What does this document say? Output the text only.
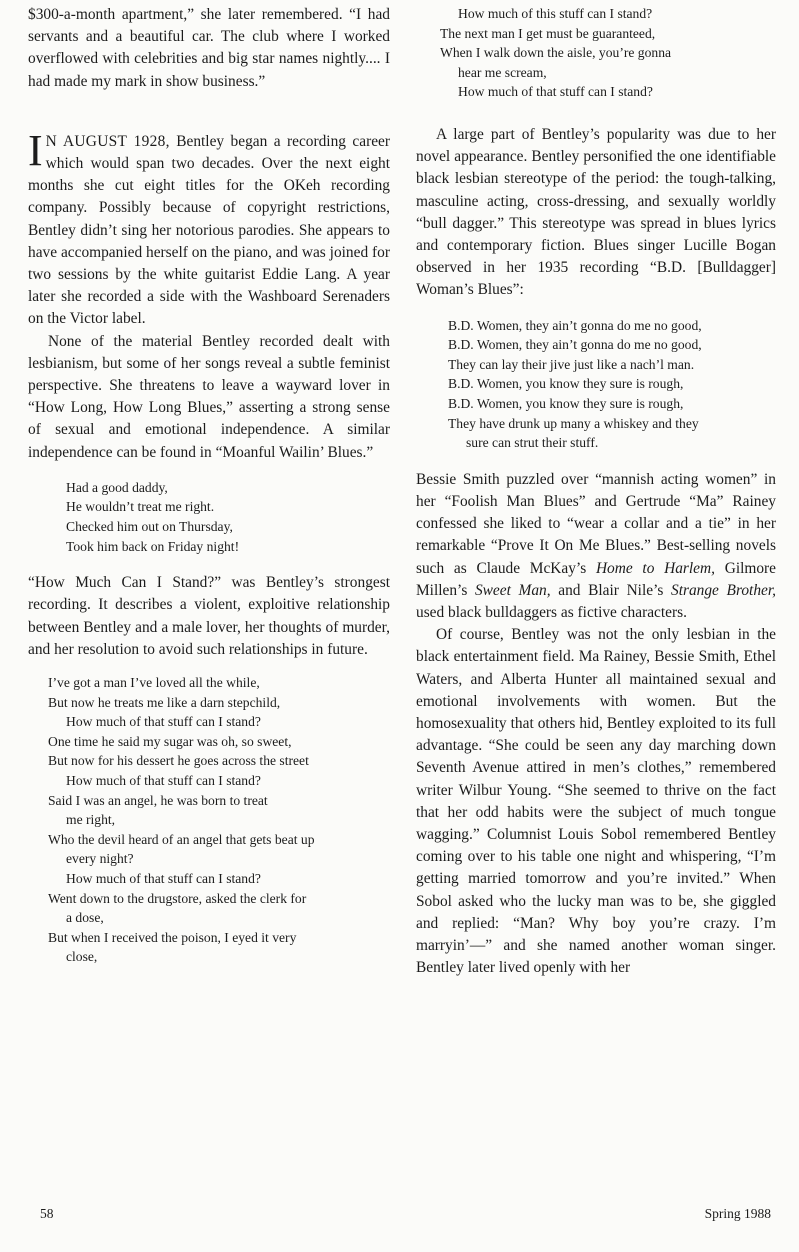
$300-a-month apartment,” she later remembered. “I had servants and a beautiful car. The club where I worked overflowed with celebrities and big star names nightly.... I had made my mark in show business.”

I N AUGUST 1928, Bentley began a recording career which would span two decades. Over the next eight months she cut eight titles for the OKeh recording company. Possibly because of copyright restrictions, Bentley didn’t sing her notorious parodies. She appears to have accompanied herself on the piano, and was joined for two sessions by the white guitarist Eddie Lang. A year later she recorded a side with the Washboard Serenaders on the Victor label.

None of the material Bentley recorded dealt with lesbianism, but some of her songs reveal a subtle feminist perspective. She threatens to leave a wayward lover in “How Long, How Long Blues,” asserting a strong sense of sexual and emotional independence. A similar independence can be found in “Moanful Wailin’ Blues.”

Had a good daddy,
He wouldn’t treat me right.
Checked him out on Thursday,
Took him back on Friday night!

“How Much Can I Stand?” was Bentley’s strongest recording. It describes a violent, exploitive relationship between Bentley and a male lover, her thoughts of murder, and her resolution to avoid such relationships in future.

I’ve got a man I’ve loved all the while,
But now he treats me like a darn stepchild,
How much of that stuff can I stand?
One time he said my sugar was oh, so sweet,
But now for his dessert he goes across the street
How much of that stuff can I stand?
Said I was an angel, he was born to treat
me right,
Who the devil heard of an angel that gets beat up
every night?
How much of that stuff can I stand?
Went down to the drugstore, asked the clerk for
a dose,
But when I received the poison, I eyed it very
close,
How much of this stuff can I stand?
The next man I get must be guaranteed,
When I walk down the aisle, you’re gonna
hear me scream,
How much of that stuff can I stand?

A large part of Bentley’s popularity was due to her novel appearance. Bentley personified the one identifiable black lesbian stereotype of the period: the tough-talking, masculine acting, cross-dressing, and sexually worldly “bull dagger.” This stereotype was spread in blues lyrics and contemporary fiction. Blues singer Lucille Bogan observed in her 1935 recording “B.D. [Bulldagger] Woman’s Blues”:

B.D. Women, they ain’t gonna do me no good,
B.D. Women, they ain’t gonna do me no good,
They can lay their jive just like a nach’l man.
B.D. Women, you know they sure is rough,
B.D. Women, you know they sure is rough,
They have drunk up many a whiskey and they
sure can strut their stuff.

Bessie Smith puzzled over “mannish acting women” in her “Foolish Man Blues” and Gertrude “Ma” Rainey confessed she liked to “wear a collar and a tie” in her remarkable “Prove It On Me Blues.” Best-selling novels such as Claude McKay’s Home to Harlem, Gilmore Millen’s Sweet Man, and Blair Nile’s Strange Brother, used black bulldaggers as fictive characters.

Of course, Bentley was not the only lesbian in the black entertainment field. Ma Rainey, Bessie Smith, Ethel Waters, and Alberta Hunter all maintained sexual and emotional involvements with women. But the homosexuality that others hid, Bentley exploited to its full advantage. “She could be seen any day marching down Seventh Avenue attired in men’s clothes,” remembered writer Wilbur Young. “She seemed to thrive on the fact that her odd habits were the subject of much tongue wagging.” Columnist Louis Sobol remembered Bentley coming over to his table one night and whispering, “I’m getting married tomorrow and you’re invited.” When Sobol asked who the lucky man was to be, she giggled and replied: “Man? Why boy you’re crazy. I’m marryin’—” and she named another woman singer. Bentley later lived openly with her

58	Spring 1988
